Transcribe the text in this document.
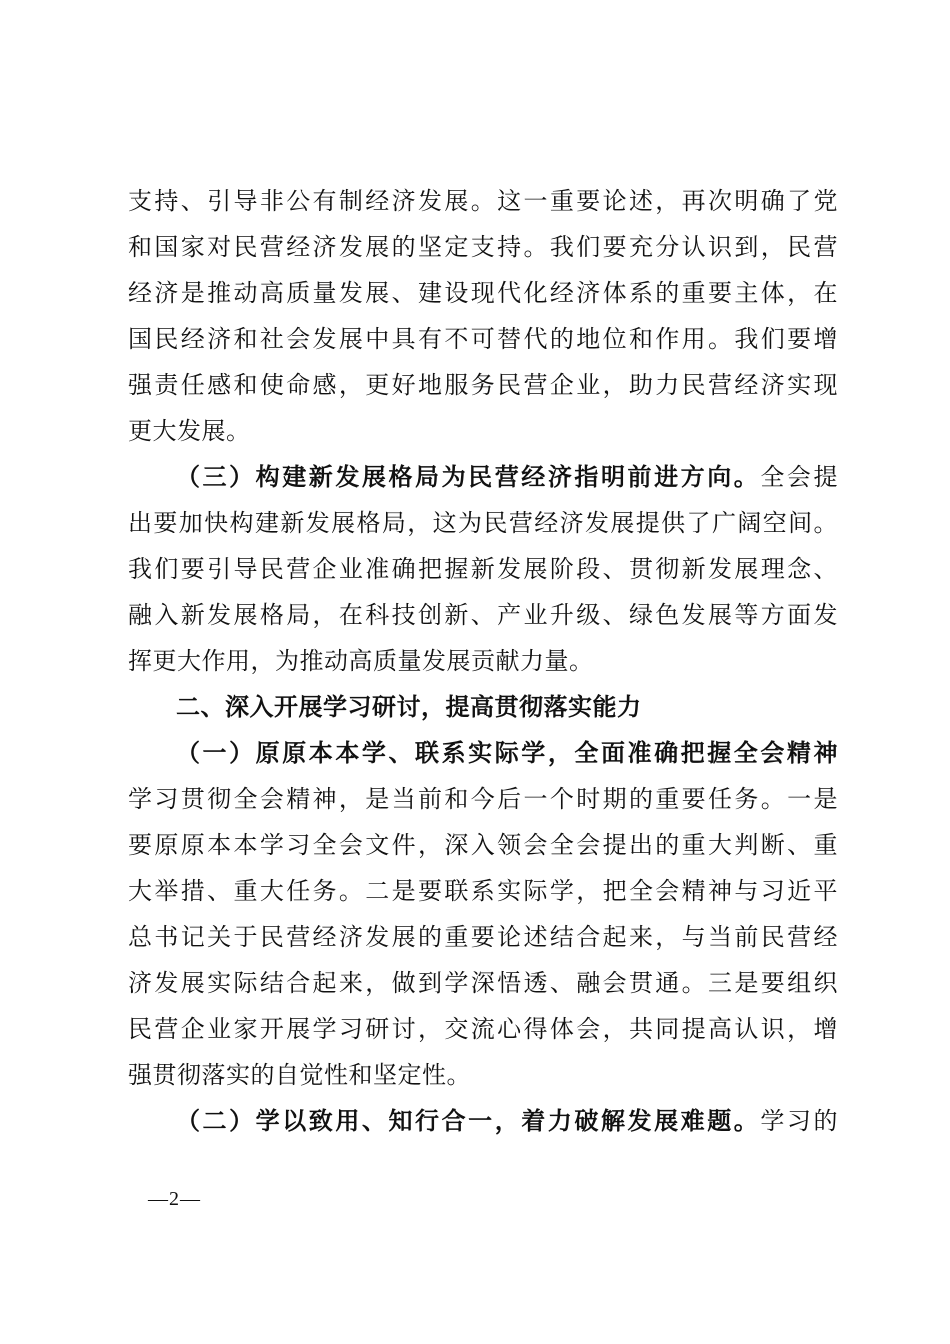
支持、引导非公有制经济发展。这一重要论述，再次明确了党
和国家对民营经济发展的坚定支持。我们要充分认识到，民营
经济是推动高质量发展、建设现代化经济体系的重要主体，在
国民经济和社会发展中具有不可替代的地位和作用。我们要增
强责任感和使命感，更好地服务民营企业，助力民营经济实现
更大发展。
（三）构建新发展格局为民营经济指明前进方向。全会提
出要加快构建新发展格局，这为民营经济发展提供了广阔空间。
我们要引导民营企业准确把握新发展阶段、贯彻新发展理念、
融入新发展格局，在科技创新、产业升级、绿色发展等方面发
挥更大作用，为推动高质量发展贡献力量。
二、深入开展学习研讨，提高贯彻落实能力
（一）原原本本学、联系实际学，全面准确把握全会精神
学习贯彻全会精神，是当前和今后一个时期的重要任务。一是
要原原本本学习全会文件，深入领会全会提出的重大判断、重
大举措、重大任务。二是要联系实际学，把全会精神与习近平
总书记关于民营经济发展的重要论述结合起来，与当前民营经
济发展实际结合起来，做到学深悟透、融会贯通。三是要组织
民营企业家开展学习研讨，交流心得体会，共同提高认识，增
强贯彻落实的自觉性和坚定性。
（二）学以致用、知行合一，着力破解发展难题。学习的
—2—
